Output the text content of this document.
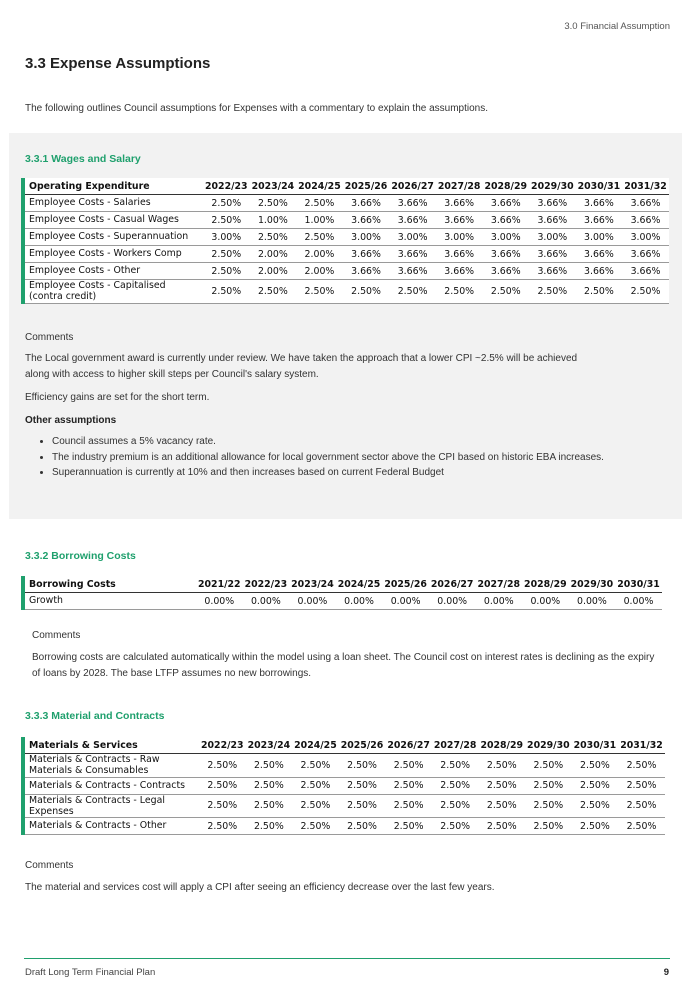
3.0 Financial Assumption
3.3 Expense Assumptions
The following outlines Council assumptions for Expenses with a commentary to explain the assumptions.
3.3.1 Wages and Salary
Operating Expenditure	2022/23	2023/24	2024/25	2025/26	2026/27	2027/28	2028/29	2029/30	2030/31	2031/32
Employee Costs - Salaries	2.50%	2.50%	2.50%	3.66%	3.66%	3.66%	3.66%	3.66%	3.66%	3.66%
Employee Costs - Casual Wages	2.50%	1.00%	1.00%	3.66%	3.66%	3.66%	3.66%	3.66%	3.66%	3.66%
Employee Costs - Superannuation	3.00%	2.50%	2.50%	3.00%	3.00%	3.00%	3.00%	3.00%	3.00%	3.00%
Employee Costs - Workers Comp	2.50%	2.00%	2.00%	3.66%	3.66%	3.66%	3.66%	3.66%	3.66%	3.66%
Employee Costs - Other	2.50%	2.00%	2.00%	3.66%	3.66%	3.66%	3.66%	3.66%	3.66%	3.66%
Employee Costs - Capitalised (contra credit)	2.50%	2.50%	2.50%	2.50%	2.50%	2.50%	2.50%	2.50%	2.50%	2.50%
Comments
The Local government award is currently under review. We have taken the approach that a lower CPI ~2.5% will be achieved along with access to higher skill steps per Council's salary system.
Efficiency gains are set for the short term.
Other assumptions
• Council assumes a 5% vacancy rate.
• The industry premium is an additional allowance for local government sector above the CPI based on historic EBA increases.
• Superannuation is currently at 10% and then increases based on current Federal Budget
3.3.2 Borrowing Costs
Borrowing Costs	2021/22	2022/23	2023/24	2024/25	2025/26	2026/27	2027/28	2028/29	2029/30	2030/31
Growth	0.00%	0.00%	0.00%	0.00%	0.00%	0.00%	0.00%	0.00%	0.00%	0.00%
Comments
Borrowing costs are calculated automatically within the model using a loan sheet. The Council cost on interest rates is declining as the expiry of loans by 2028. The base LTFP assumes no new borrowings.
3.3.3 Material and Contracts
Materials & Services	2022/23	2023/24	2024/25	2025/26	2026/27	2027/28	2028/29	2029/30	2030/31	2031/32
Materials & Contracts - Raw Materials & Consumables	2.50%	2.50%	2.50%	2.50%	2.50%	2.50%	2.50%	2.50%	2.50%	2.50%
Materials & Contracts - Contracts	2.50%	2.50%	2.50%	2.50%	2.50%	2.50%	2.50%	2.50%	2.50%	2.50%
Materials & Contracts - Legal Expenses	2.50%	2.50%	2.50%	2.50%	2.50%	2.50%	2.50%	2.50%	2.50%	2.50%
Materials & Contracts - Other	2.50%	2.50%	2.50%	2.50%	2.50%	2.50%	2.50%	2.50%	2.50%	2.50%
Comments
The material and services cost will apply a CPI after seeing an efficiency decrease over the last few years.
Draft Long Term Financial Plan	9
